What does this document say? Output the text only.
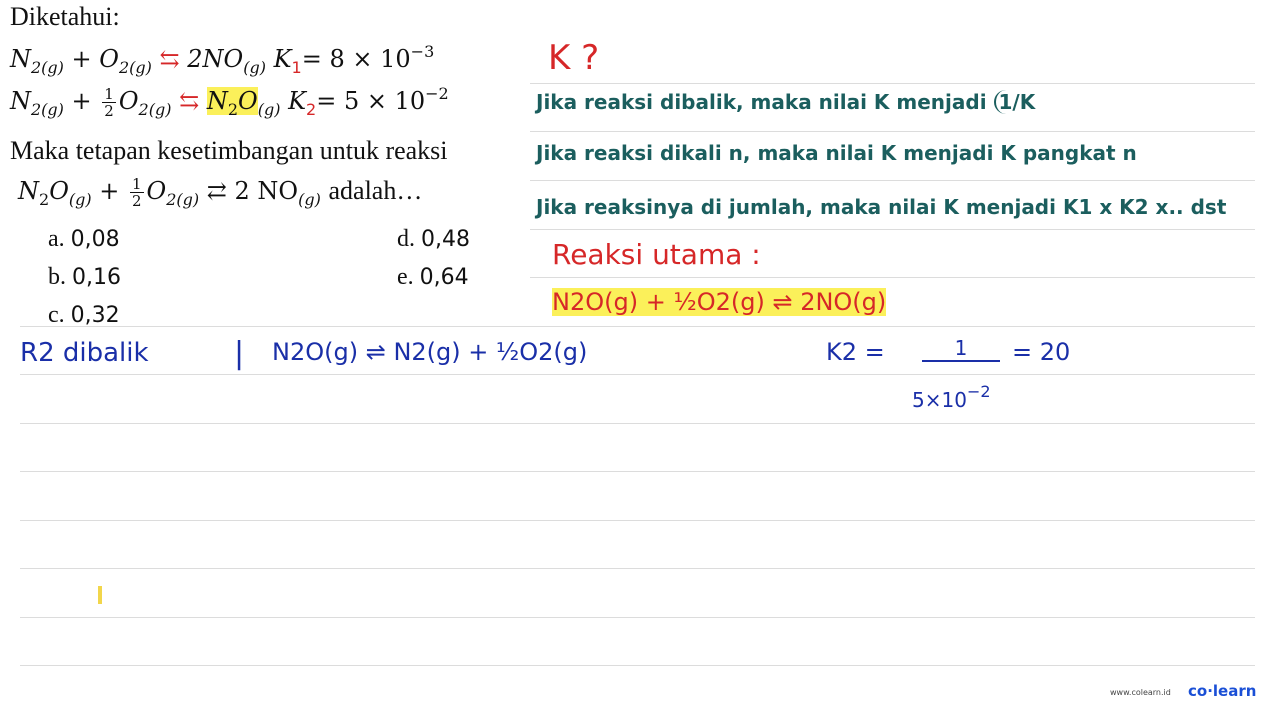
Diketahui:
$N_{2(g)} + O_{2(g)}$ ⇆ $2NO_{(g)}$ $K_1= 8 \times 10^{-3}$
$N_{2(g)} + \frac{1}{2} O_{2(g)}$ ⇆ $N_2O_{(g)}$ $K_2= 5 \times 10^{-2}$
Maka tetapan kesetimbangan untuk reaksi
$N_2O_{(g)} + \frac{1}{2} O_{2(g)}$ ⇄ 2 $NO_{(g)}$ adalah…
a. 0,08
b. 0,16
c. 0,32
d. 0,48
e. 0,64
K ?
Jika reaksi dibalik, maka nilai K menjadi 1/K
Jika reaksi dikali n, maka nilai K menjadi K pangkat n
Jika reaksinya di jumlah, maka nilai K menjadi K1 x K2 x.. dst
Reaksi utama :
N2O(g) + ½O2(g) ⇌ 2NO(g)
R2 dibalik	| N2O(g) ⇌ N2(g) + ½O2(g)	K2 =	1
$5\times 10^{-2}$
= 20
www.colearn.id co·learn
